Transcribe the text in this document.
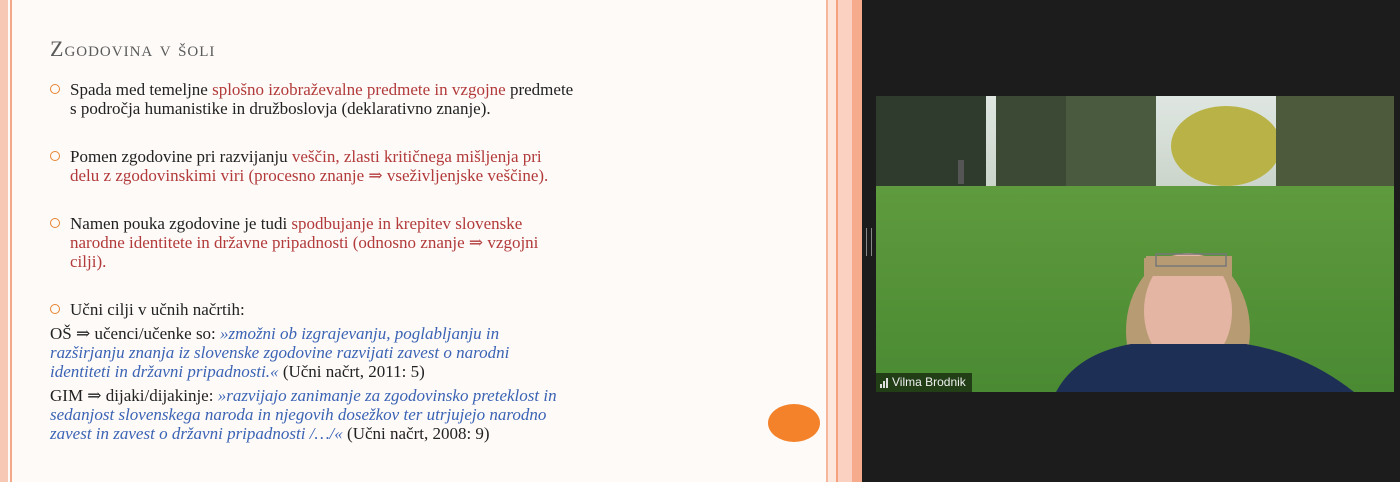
Zgodovina v šoli
Spada med temeljne splošno izobraževalne predmete in vzgojne predmete
s področja humanistike in družboslovja (deklarativno znanje).
Pomen zgodovine pri razvijanju veščin, zlasti kritičnega mišljenja pri
delu z zgodovinskimi viri (procesno znanje ⇒ vseživljenjske veščine).
Namen pouka zgodovine je tudi spodbujanje in krepitev slovenske
narodne identitete in državne pripadnosti (odnosno znanje ⇒ vzgojni
cilji).
Učni cilji v učnih načrtih:
OŠ ⇒ učenci/učenke so: »zmožni ob izgrajevanju, poglabljanju in
razširjanju znanja iz slovenske zgodovine razvijati zavest o narodni
identiteti in državni pripadnosti.« (Učni načrt, 2011: 5)
GIM ⇒ dijaki/dijakinje: »razvijajo zanimanje za zgodovinsko preteklost in
sedanjost slovenskega naroda in njegovih dosežkov ter utrjujejo narodno
zavest in zavest o državni pripadnosti /…/« (Učni načrt, 2008: 9)
Vilma Brodnik
